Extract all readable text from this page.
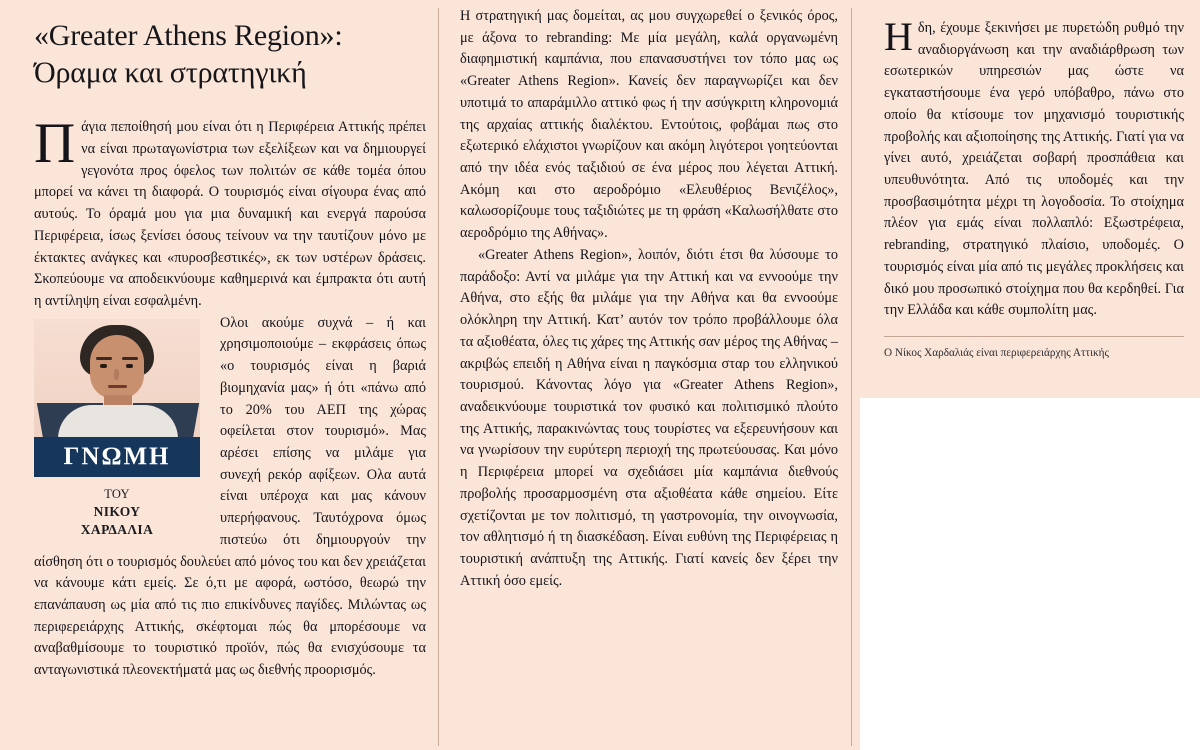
«Greater Athens Region»:
Όραμα και στρατηγική
Π άγια πεποίθησή μου είναι ότι η Περιφέρεια Αττικής πρέπει να είναι πρωταγωνίστρια των εξελίξεων και να δημιουργεί γεγονότα προς όφελος των πολιτών σε κάθε τομέα όπου μπορεί να κάνει τη διαφορά. Ο τουρισμός είναι σίγουρα ένας από αυτούς. Το όραμά μου για μια δυναμική και ενεργά παρούσα Περιφέρεια, ίσως ξενίσει όσους τείνουν να την ταυτίζουν μόνο με έκτακτες ανάγκες και «πυροσβεστικές», εκ των υστέρων δράσεις. Σκοπεύουμε να αποδεικνύουμε καθημερινά και έμπρακτα ότι αυτή η αντίληψη είναι εσφαλμένη.

ΓΝΩΜΗ
ΤΟΥ
ΝΙΚΟΥ
ΧΑΡΔΑΛΙΑ

Ολοι ακούμε συχνά – ή και χρησιμοποιούμε – εκφράσεις όπως «ο τουρισμός είναι η βαριά βιομηχανία μας» ή ότι «πάνω από το 20% του ΑΕΠ της χώρας οφείλεται στον τουρισμό». Μας αρέσει επίσης να μιλάμε για συνεχή ρεκόρ αφίξεων. Ολα αυτά είναι υπέροχα και μας κάνουν υπερήφανους. Ταυτόχρονα όμως πιστεύω ότι δημιουργούν την αίσθηση ότι ο τουρισμός δουλεύει από μόνος του και δεν χρειάζεται να κάνουμε κάτι εμείς. Σε ό,τι με αφορά, ωστόσο, θεωρώ την επανάπαυση ως μία από τις πιο επικίνδυνες παγίδες. Μιλώντας ως περιφερειάρχης Αττικής, σκέφτομαι πώς θα μπορέσουμε να αναβαθμίσουμε το τουριστικό προϊόν, πώς θα ενισχύσουμε τα ανταγωνιστικά πλεονεκτήματά μας ως διεθνής προορισμός.

Η στρατηγική μας δομείται, ας μου συγχωρεθεί ο ξενικός όρος, με άξονα το rebranding: Με μία μεγάλη, καλά οργανωμένη διαφημιστική καμπάνια, που επανασυστήνει τον τόπο μας ως «Greater Athens Region». Κανείς δεν παραγνωρίζει και δεν υποτιμά το απαράμιλλο αττικό φως ή την ασύγκριτη κληρονομιά της αρχαίας αττικής διαλέκτου. Εντούτοις, φοβάμαι πως στο εξωτερικό ελάχιστοι γνωρίζουν και ακόμη λιγότεροι γοητεύονται από την ιδέα ενός ταξιδιού σε ένα μέρος που λέγεται Αττική. Ακόμη και στο αεροδρόμιο «Ελευθέριος Βενιζέλος», καλωσορίζουμε τους ταξιδιώτες με τη φράση «Καλωσήλθατε στο αεροδρόμιο της Αθήνας».

«Greater Athens Region», λοιπόν, διότι έτσι θα λύσουμε το παράδοξο: Αντί να μιλάμε για την Αττική και να εννοούμε την Αθήνα, στο εξής θα μιλάμε για την Αθήνα και θα εννοούμε ολόκληρη την Αττική. Κατ’ αυτόν τον τρόπο προβάλλουμε όλα τα αξιοθέατα, όλες τις χάρες της Αττικής σαν μέρος της Αθήνας – ακριβώς επειδή η Αθήνα είναι η παγκόσμια σταρ του ελληνικού τουρισμού. Κάνοντας λόγο για «Greater Athens Region», αναδεικνύουμε τουριστικά τον φυσικό και πολιτισμικό πλούτο της Αττικής, παρακινώντας τους τουρίστες να εξερευνήσουν και να γνωρίσουν την ευρύτερη περιοχή της πρωτεύουσας. Και μόνο η Περιφέρεια μπορεί να σχεδιάσει μία καμπάνια διεθνούς προβολής προσαρμοσμένη στα αξιοθέατα κάθε σημείου. Είτε σχετίζονται με τον πολιτισμό, τη γαστρονομία, την οινογνωσία, τον αθλητισμό ή τη διασκέδαση. Είναι ευθύνη της Περιφέρειας η τουριστική ανάπτυξη της Αττικής. Γιατί κανείς δεν ξέρει την Αττική όσο εμείς.

Η δη, έχουμε ξεκινήσει με πυρετώδη ρυθμό την αναδιοργάνωση και την αναδιάρθρωση των εσωτερικών υπηρεσιών μας ώστε να εγκαταστήσουμε ένα γερό υπόβαθρο, πάνω στο οποίο θα κτίσουμε τον μηχανισμό τουριστικής προβολής και αξιοποίησης της Αττικής. Γιατί για να γίνει αυτό, χρειάζεται σοβαρή προσπάθεια και υπευθυνότητα. Από τις υποδομές και την προσβασιμότητα μέχρι τη λογοδοσία. Το στοίχημα πλέον για εμάς είναι πολλαπλό: Εξωστρέφεια, rebranding, στρατηγικό πλαίσιο, υποδομές. Ο τουρισμός είναι μία από τις μεγάλες προκλήσεις και δικό μου προσωπικό στοίχημα που θα κερδηθεί. Για την Ελλάδα και κάθε συμπολίτη μας.

Ο Νίκος Χαρδαλιάς είναι περιφερειάρχης Αττικής
